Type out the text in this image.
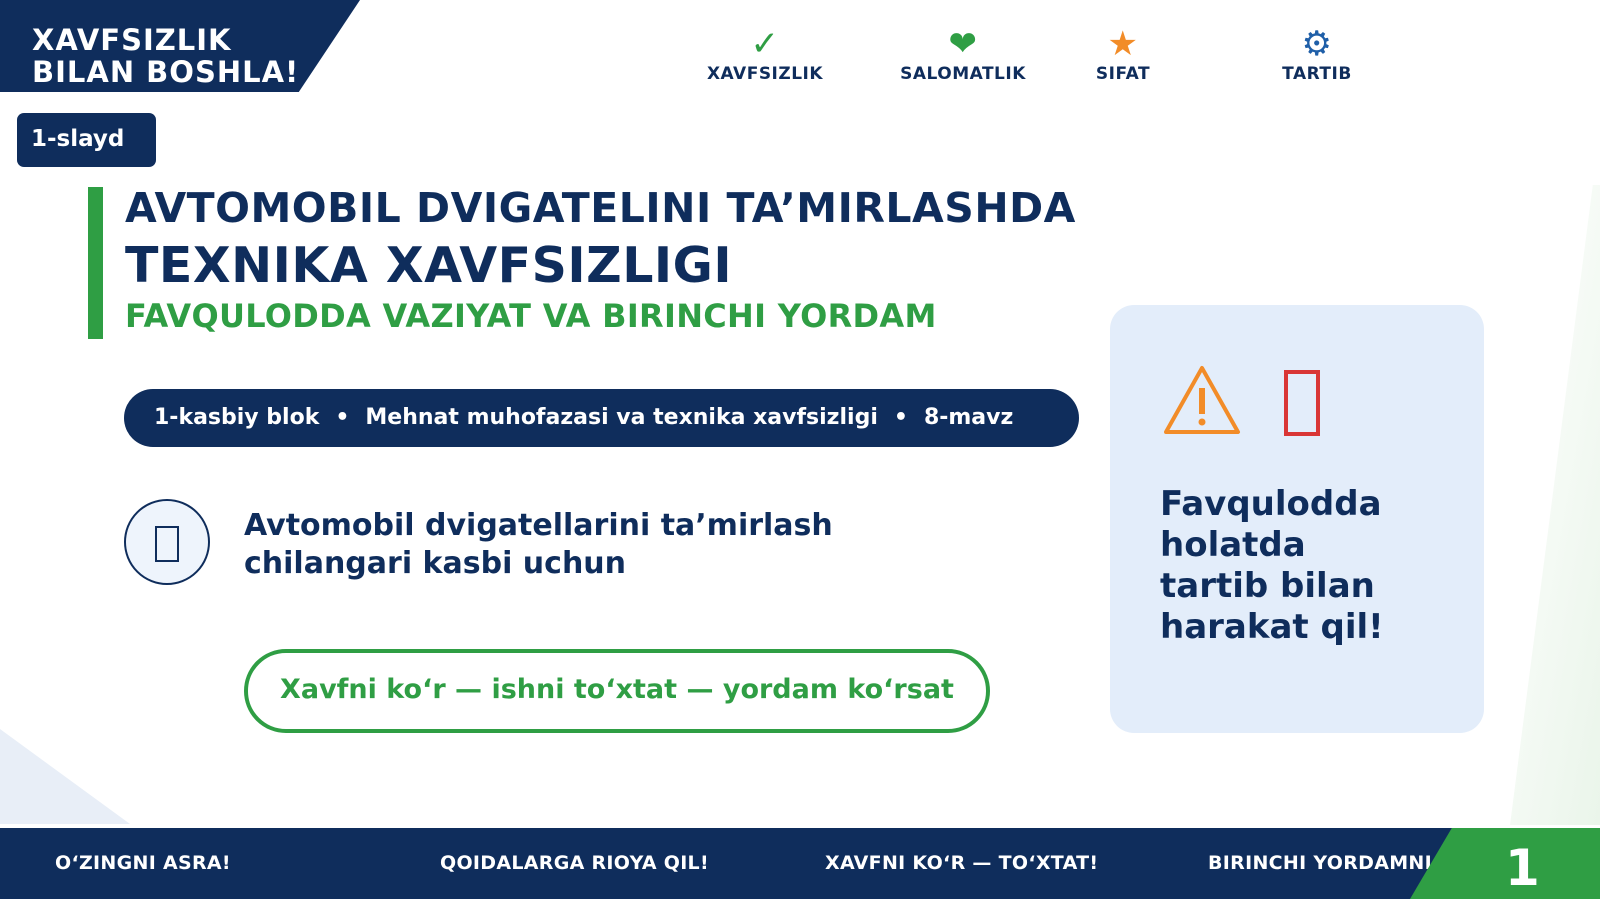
XAVFSIZLIK
BILAN BOSHLA!
✓
XAVFSIZLIK
❤
SALOMATLIK
★
SIFAT
⚙
TARTIB
1-slayd
AVTOMOBIL DVIGATELINI TA’MIRLASHDA
TEXNIKA XAVFSIZLIGI
FAVQULODDA VAZIYAT VA BIRINCHI YORDAM
1-kasbiy blok • Mehnat muhofazasi va texnika xavfsizligi • 8-mavz
Avtomobil dvigatellarini ta’mirlash
chilangari kasbi uchun
Xavfni ko‘r — ishni to‘xtat — yordam ko‘rsat
Favqulodda
holatda
tartib bilan
harakat qil!
O‘ZINGNI ASRA!	QOIDALARGA RIOYA QIL!	XAVFNI KO‘R — TO‘XTAT!	BIRINCHI YORDAMNI 1
